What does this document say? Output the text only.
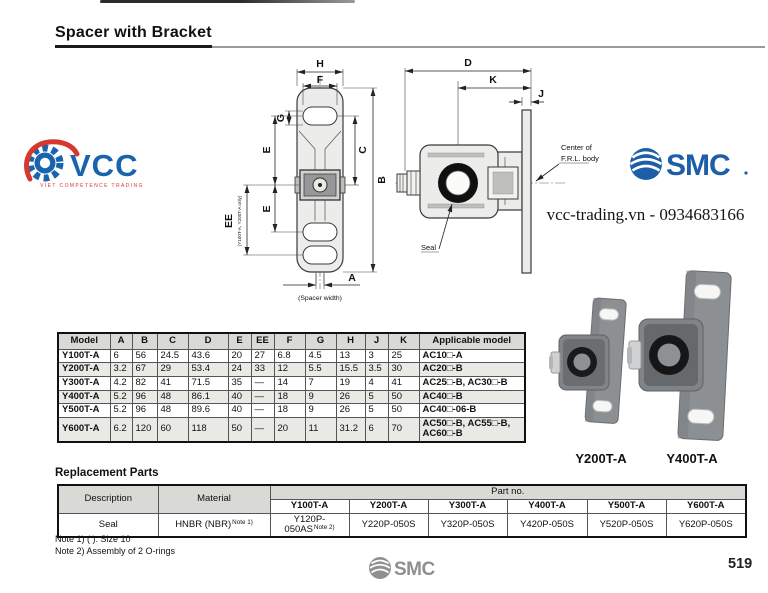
Spacer with Bracket
VCC
VIET COMPETENCE TRADING
SMC
H
F
G
E
E
EE (Y100T-A, Y200T-A only)
C
B
A
(Spacer width)
D
K
J
Center of
F.R.L. body
Seal
vcc-trading.vn - 0934683166
Model	A	B	C	D	E	EE	F	G	H	J	K	Applicable model
Y100T-A	6	56	24.5	43.6	20	27	6.8	4.5	13	3	25	AC10□-A
Y200T-A	3.2	67	29	53.4	24	33	12	5.5	15.5	3.5	30	AC20□-B
Y300T-A	4.2	82	41	71.5	35	—	14	7	19	4	41	AC25□-B, AC30□-B
Y400T-A	5.2	96	48	86.1	40	—	18	9	26	5	50	AC40□-B
Y500T-A	5.2	96	48	89.6	40	—	18	9	26	5	50	AC40□-06-B
Y600T-A	6.2	120	60	118	50	—	20	11	31.2	6	70	AC50□-B, AC55□-B, AC60□-B
Y200T-A	Y400T-A
Replacement Parts
Description	Material	Part no.					
		Y100T-A	Y200T-A	Y300T-A	Y400T-A	Y500T-A	Y600T-A
Seal	HNBR (NBR)$^{Note 1)}$	Y120P-050AS$^{Note 2)}$	Y220P-050S	Y320P-050S	Y420P-050S	Y520P-050S	Y620P-050S
Note 1) ( ): Size 10
Note 2) Assembly of 2 O-rings
SMC	519
